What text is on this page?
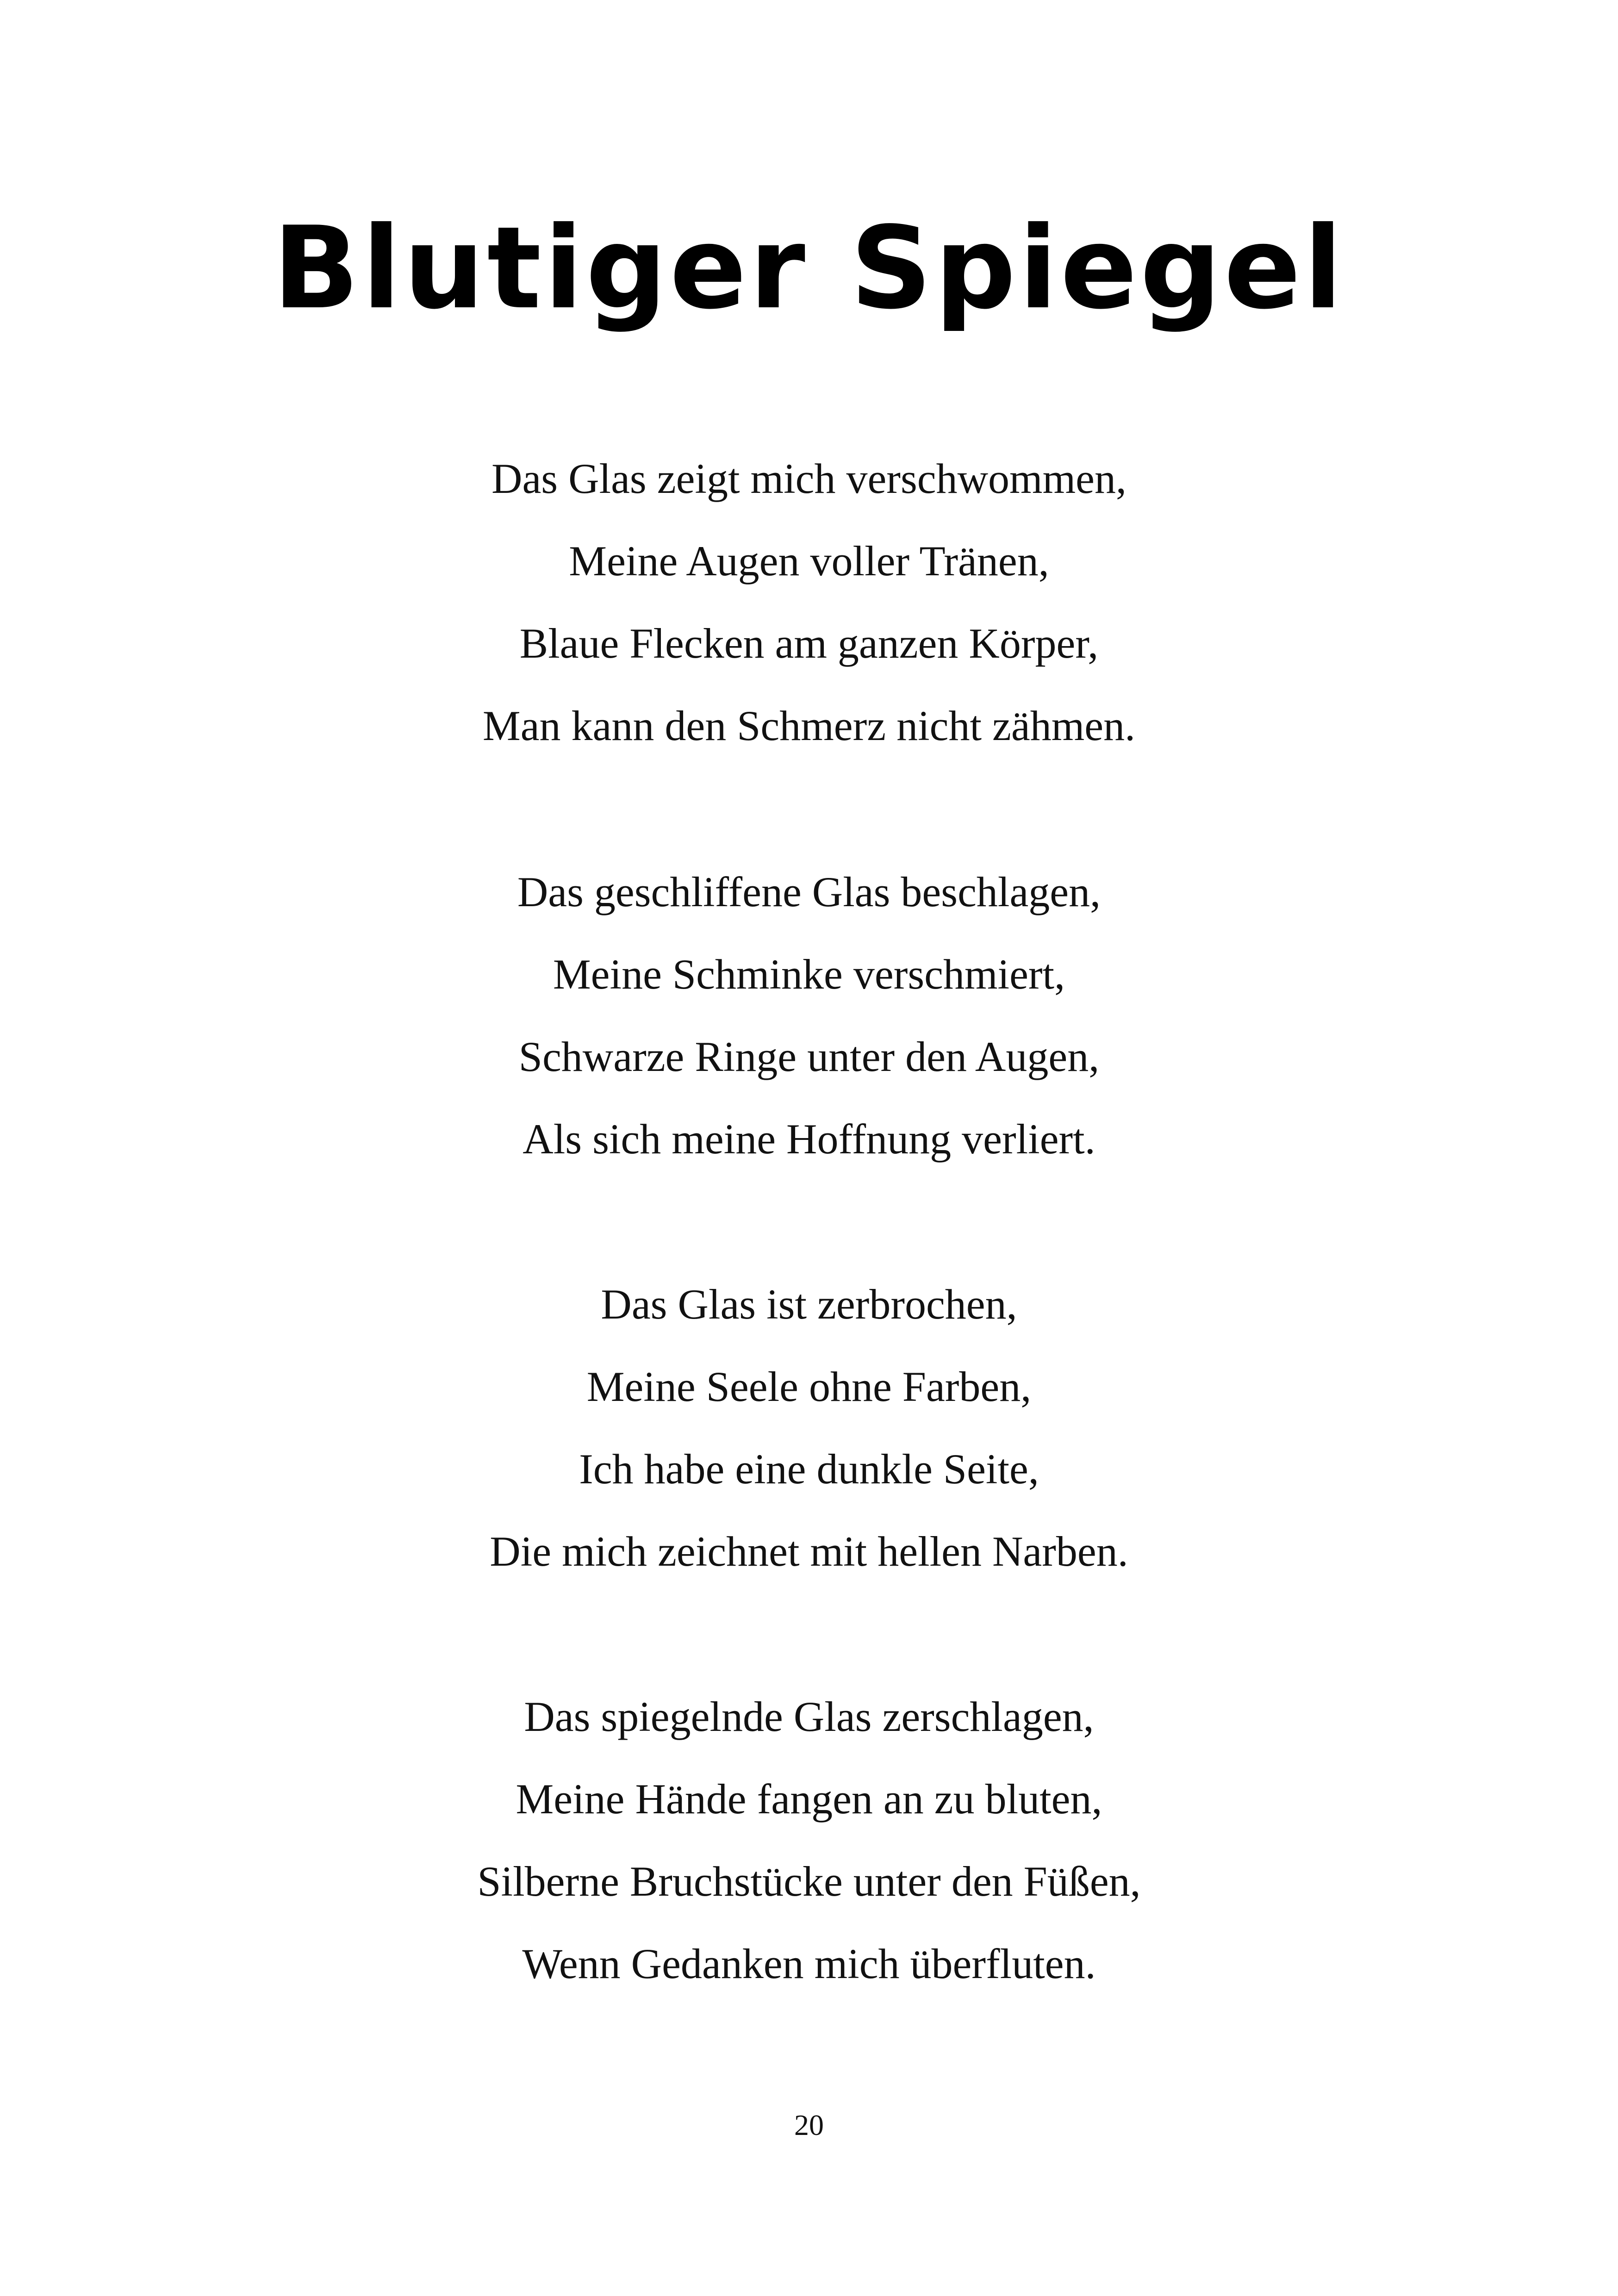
Blutiger Spiegel
Das Glas zeigt mich verschwommen,
Meine Augen voller Tränen,
Blaue Flecken am ganzen Körper,
Man kann den Schmerz nicht zähmen.
Das geschliffene Glas beschlagen,
Meine Schminke verschmiert,
Schwarze Ringe unter den Augen,
Als sich meine Hoffnung verliert.
Das Glas ist zerbrochen,
Meine Seele ohne Farben,
Ich habe eine dunkle Seite,
Die mich zeichnet mit hellen Narben.
Das spiegelnde Glas zerschlagen,
Meine Hände fangen an zu bluten,
Silberne Bruchstücke unter den Füßen,
Wenn Gedanken mich überfluten.
20
